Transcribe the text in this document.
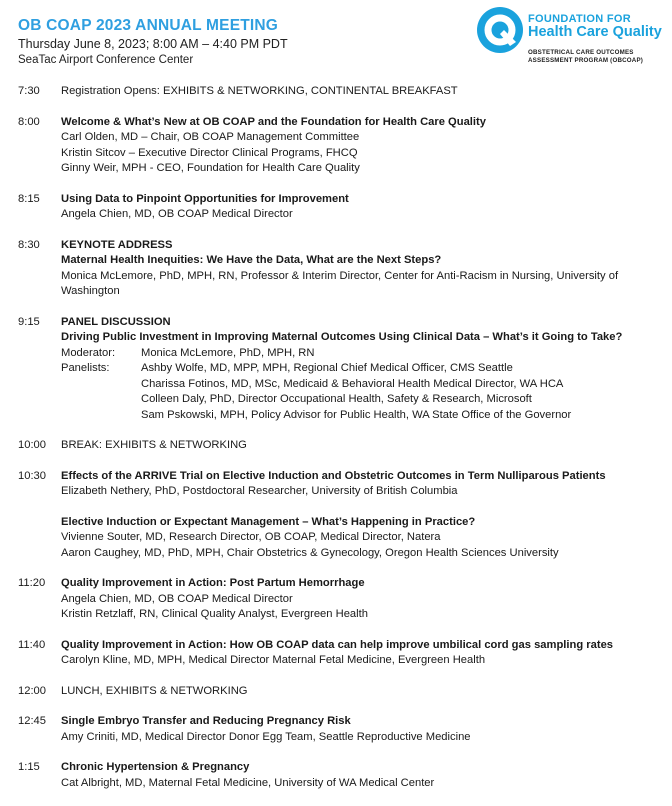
OB COAP 2023 ANNUAL MEETING
Thursday June 8, 2023; 8:00 AM – 4:40 PM PDT
SeaTac Airport Conference Center
FOUNDATION FOR
Health Care Quality
OBSTETRICAL CARE OUTCOMES
ASSESSMENT PROGRAM (OBCOAP)
7:30	Registration Opens: EXHIBITS & NETWORKING, CONTINENTAL BREAKFAST
8:00	Welcome & What’s New at OB COAP and the Foundation for Health Care Quality
Carl Olden, MD – Chair, OB COAP Management Committee
Kristin Sitcov – Executive Director Clinical Programs, FHCQ
Ginny Weir, MPH - CEO, Foundation for Health Care Quality
8:15	Using Data to Pinpoint Opportunities for Improvement
Angela Chien, MD, OB COAP Medical Director
8:30	KEYNOTE ADDRESS
Maternal Health Inequities: We Have the Data, What are the Next Steps?
Monica McLemore, PhD, MPH, RN, Professor & Interim Director, Center for Anti-Racism in Nursing, University of Washington
9:15	PANEL DISCUSSION
Driving Public Investment in Improving Maternal Outcomes Using Clinical Data – What’s it Going to Take?
Moderator:	Monica McLemore, PhD, MPH, RN
Panelists:	Ashby Wolfe, MD, MPP, MPH, Regional Chief Medical Officer, CMS Seattle
Charissa Fotinos, MD, MSc, Medicaid & Behavioral Health Medical Director, WA HCA
Colleen Daly, PhD, Director Occupational Health, Safety & Research, Microsoft
Sam Pskowski, MPH, Policy Advisor for Public Health, WA State Office of the Governor
10:00	BREAK: EXHIBITS & NETWORKING
10:30	Effects of the ARRIVE Trial on Elective Induction and Obstetric Outcomes in Term Nulliparous Patients
Elizabeth Nethery, PhD, Postdoctoral Researcher, University of British Columbia
Elective Induction or Expectant Management – What’s Happening in Practice?
Vivienne Souter, MD, Research Director, OB COAP, Medical Director, Natera
Aaron Caughey, MD, PhD, MPH, Chair Obstetrics & Gynecology, Oregon Health Sciences University
11:20	Quality Improvement in Action: Post Partum Hemorrhage
Angela Chien, MD, OB COAP Medical Director
Kristin Retzlaff, RN, Clinical Quality Analyst, Evergreen Health
11:40	Quality Improvement in Action: How OB COAP data can help improve umbilical cord gas sampling rates
Carolyn Kline, MD, MPH, Medical Director Maternal Fetal Medicine, Evergreen Health
12:00	LUNCH, EXHIBITS & NETWORKING
12:45	Single Embryo Transfer and Reducing Pregnancy Risk
Amy Criniti, MD, Medical Director Donor Egg Team, Seattle Reproductive Medicine
1:15	Chronic Hypertension & Pregnancy
Cat Albright, MD, Maternal Fetal Medicine, University of WA Medical Center
